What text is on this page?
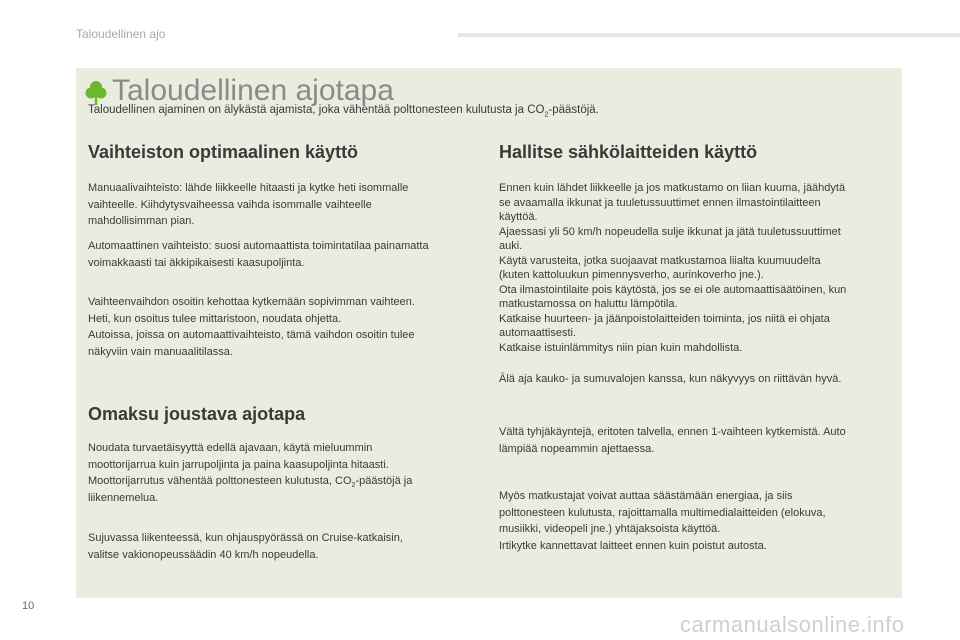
Taloudellinen ajo
Taloudellinen ajotapa
Taloudellinen ajaminen on älykästä ajamista, joka vähentää polttonesteen kulutusta ja $CO_2$-päästöjä.
Vaihteiston optimaalinen käyttö
Manuaalivaihteisto: lähde liikkeelle hitaasti ja kytke heti isommalle
vaihteelle. Kiihdytysvaiheessa vaihda isommalle vaihteelle
mahdollisimman pian.
Automaattinen vaihteisto: suosi automaattista toimintatilaa painamatta
voimakkaasti tai äkkipikaisesti kaasupoljinta.
Vaihteenvaihdon osoitin kehottaa kytkemään sopivimman vaihteen.
Heti, kun osoitus tulee mittaristoon, noudata ohjetta.
Autoissa, joissa on automaattivaihteisto, tämä vaihdon osoitin tulee
näkyviin vain manuaalitilassa.
Omaksu joustava ajotapa
Noudata turvaetäisyyttä edellä ajavaan, käytä mieluummin
moottorijarrua kuin jarrupoljinta ja paina kaasupoljinta hitaasti.
Moottorijarrutus vähentää polttonesteen kulutusta, $CO_2$-päästöjä ja
liikennemelua.
Sujuvassa liikenteessä, kun ohjauspyörässä on Cruise-katkaisin,
valitse vakionopeussäädin 40 km/h nopeudella.
Hallitse sähkölaitteiden käyttö
Ennen kuin lähdet liikkeelle ja jos matkustamo on liian kuuma, jäähdytä
se avaamalla ikkunat ja tuuletussuuttimet ennen ilmastointilaitteen
käyttöä.
Ajaessasi yli 50 km/h nopeudella sulje ikkunat ja jätä tuuletussuuttimet
auki.
Käytä varusteita, jotka suojaavat matkustamoa liialta kuumuudelta
(kuten kattoluukun pimennysverho, aurinkoverho jne.).
Ota ilmastointilaite pois käytöstä, jos se ei ole automaattisäätöinen, kun
matkustamossa on haluttu lämpötila.
Katkaise huurteen- ja jäänpoistolaitteiden toiminta, jos niitä ei ohjata
automaattisesti.
Katkaise istuinlämmitys niin pian kuin mahdollista.
Älä aja kauko- ja sumuvalojen kanssa, kun näkyvyys on riittävän hyvä.
Vältä tyhjäkäyntejä, eritoten talvella, ennen 1-vaihteen kytkemistä. Auto
lämpiää nopeammin ajettaessa.
Myös matkustajat voivat auttaa säästämään energiaa, ja siis
polttonesteen kulutusta, rajoittamalla multimedialaitteiden (elokuva,
musiikki, videopeli jne.) yhtäjaksoista käyttöä.
Irtikytke kannettavat laitteet ennen kuin poistut autosta.
10
carmanualsonline.info
